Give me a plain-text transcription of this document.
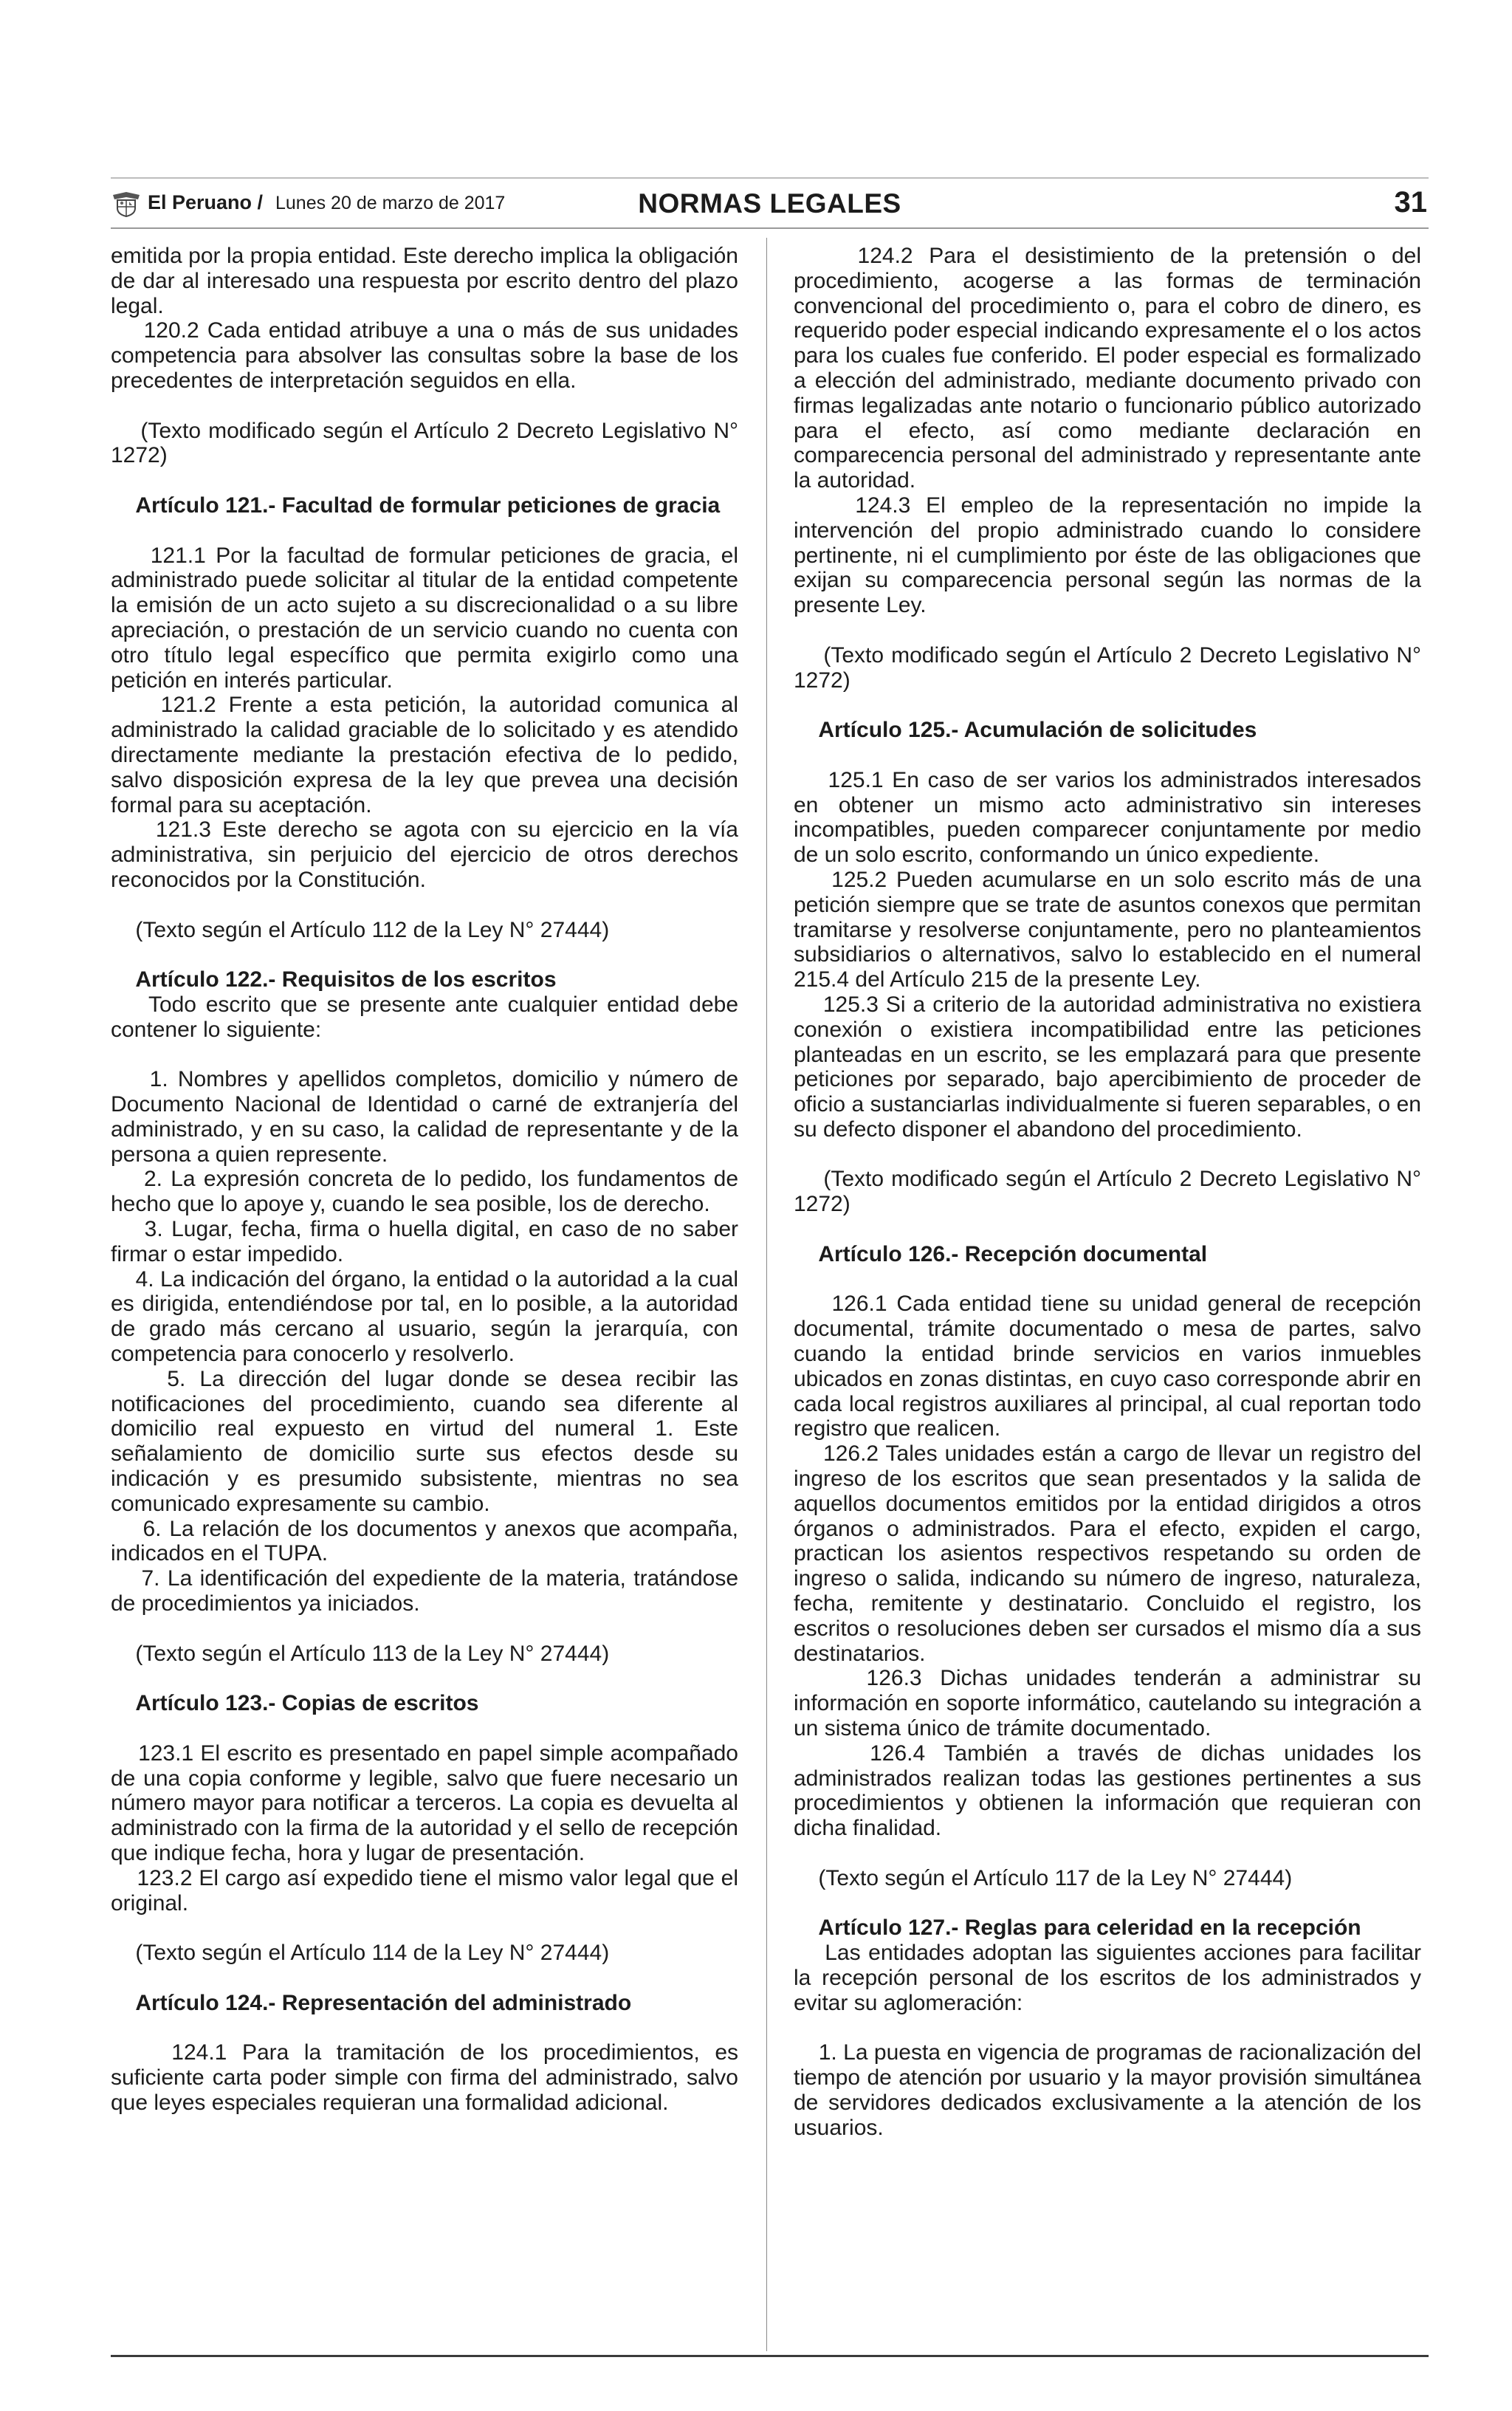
El Peruano / Lunes 20 de marzo de 2017	NORMAS LEGALES	31

emitida por la propia entidad. Este derecho implica la obligación de dar al interesado una respuesta por escrito dentro del plazo legal.

120.2 Cada entidad atribuye a una o más de sus unidades competencia para absolver las consultas sobre la base de los precedentes de interpretación seguidos en ella.

(Texto modificado según el Artículo 2 Decreto Legislativo N° 1272)

Artículo 121.- Facultad de formular peticiones de gracia

121.1 Por la facultad de formular peticiones de gracia, el administrado puede solicitar al titular de la entidad competente la emisión de un acto sujeto a su discrecionalidad o a su libre apreciación, o prestación de un servicio cuando no cuenta con otro título legal específico que permita exigirlo como una petición en interés particular.

121.2 Frente a esta petición, la autoridad comunica al administrado la calidad graciable de lo solicitado y es atendido directamente mediante la prestación efectiva de lo pedido, salvo disposición expresa de la ley que prevea una decisión formal para su aceptación.

121.3 Este derecho se agota con su ejercicio en la vía administrativa, sin perjuicio del ejercicio de otros derechos reconocidos por la Constitución.

(Texto según el Artículo 112 de la Ley N° 27444)

Artículo 122.- Requisitos de los escritos

Todo escrito que se presente ante cualquier entidad debe contener lo siguiente:

1. Nombres y apellidos completos, domicilio y número de Documento Nacional de Identidad o carné de extranjería del administrado, y en su caso, la calidad de representante y de la persona a quien represente.

2. La expresión concreta de lo pedido, los fundamentos de hecho que lo apoye y, cuando le sea posible, los de derecho.

3. Lugar, fecha, firma o huella digital, en caso de no saber firmar o estar impedido.

4. La indicación del órgano, la entidad o la autoridad a la cual es dirigida, entendiéndose por tal, en lo posible, a la autoridad de grado más cercano al usuario, según la jerarquía, con competencia para conocerlo y resolverlo.

5. La dirección del lugar donde se desea recibir las notificaciones del procedimiento, cuando sea diferente al domicilio real expuesto en virtud del numeral 1. Este señalamiento de domicilio surte sus efectos desde su indicación y es presumido subsistente, mientras no sea comunicado expresamente su cambio.

6. La relación de los documentos y anexos que acompaña, indicados en el TUPA.

7. La identificación del expediente de la materia, tratándose de procedimientos ya iniciados.

(Texto según el Artículo 113 de la Ley N° 27444)

Artículo 123.- Copias de escritos

123.1 El escrito es presentado en papel simple acompañado de una copia conforme y legible, salvo que fuere necesario un número mayor para notificar a terceros. La copia es devuelta al administrado con la firma de la autoridad y el sello de recepción que indique fecha, hora y lugar de presentación.

123.2 El cargo así expedido tiene el mismo valor legal que el original.

(Texto según el Artículo 114 de la Ley N° 27444)

Artículo 124.- Representación del administrado

124.1 Para la tramitación de los procedimientos, es suficiente carta poder simple con firma del administrado, salvo que leyes especiales requieran una formalidad adicional.

124.2 Para el desistimiento de la pretensión o del procedimiento, acogerse a las formas de terminación convencional del procedimiento o, para el cobro de dinero, es requerido poder especial indicando expresamente el o los actos para los cuales fue conferido. El poder especial es formalizado a elección del administrado, mediante documento privado con firmas legalizadas ante notario o funcionario público autorizado para el efecto, así como mediante declaración en comparecencia personal del administrado y representante ante la autoridad.

124.3 El empleo de la representación no impide la intervención del propio administrado cuando lo considere pertinente, ni el cumplimiento por éste de las obligaciones que exijan su comparecencia personal según las normas de la presente Ley.

(Texto modificado según el Artículo 2 Decreto Legislativo N° 1272)

Artículo 125.- Acumulación de solicitudes

125.1 En caso de ser varios los administrados interesados en obtener un mismo acto administrativo sin intereses incompatibles, pueden comparecer conjuntamente por medio de un solo escrito, conformando un único expediente.

125.2 Pueden acumularse en un solo escrito más de una petición siempre que se trate de asuntos conexos que permitan tramitarse y resolverse conjuntamente, pero no planteamientos subsidiarios o alternativos, salvo lo establecido en el numeral 215.4 del Artículo 215 de la presente Ley.

125.3 Si a criterio de la autoridad administrativa no existiera conexión o existiera incompatibilidad entre las peticiones planteadas en un escrito, se les emplazará para que presente peticiones por separado, bajo apercibimiento de proceder de oficio a sustanciarlas individualmente si fueren separables, o en su defecto disponer el abandono del procedimiento.

(Texto modificado según el Artículo 2 Decreto Legislativo N° 1272)

Artículo 126.- Recepción documental

126.1 Cada entidad tiene su unidad general de recepción documental, trámite documentado o mesa de partes, salvo cuando la entidad brinde servicios en varios inmuebles ubicados en zonas distintas, en cuyo caso corresponde abrir en cada local registros auxiliares al principal, al cual reportan todo registro que realicen.

126.2 Tales unidades están a cargo de llevar un registro del ingreso de los escritos que sean presentados y la salida de aquellos documentos emitidos por la entidad dirigidos a otros órganos o administrados. Para el efecto, expiden el cargo, practican los asientos respectivos respetando su orden de ingreso o salida, indicando su número de ingreso, naturaleza, fecha, remitente y destinatario. Concluido el registro, los escritos o resoluciones deben ser cursados el mismo día a sus destinatarios.

126.3 Dichas unidades tenderán a administrar su información en soporte informático, cautelando su integración a un sistema único de trámite documentado.

126.4 También a través de dichas unidades los administrados realizan todas las gestiones pertinentes a sus procedimientos y obtienen la información que requieran con dicha finalidad.

(Texto según el Artículo 117 de la Ley N° 27444)

Artículo 127.- Reglas para celeridad en la recepción

Las entidades adoptan las siguientes acciones para facilitar la recepción personal de los escritos de los administrados y evitar su aglomeración:

1. La puesta en vigencia de programas de racionalización del tiempo de atención por usuario y la mayor provisión simultánea de servidores dedicados exclusivamente a la atención de los usuarios.
